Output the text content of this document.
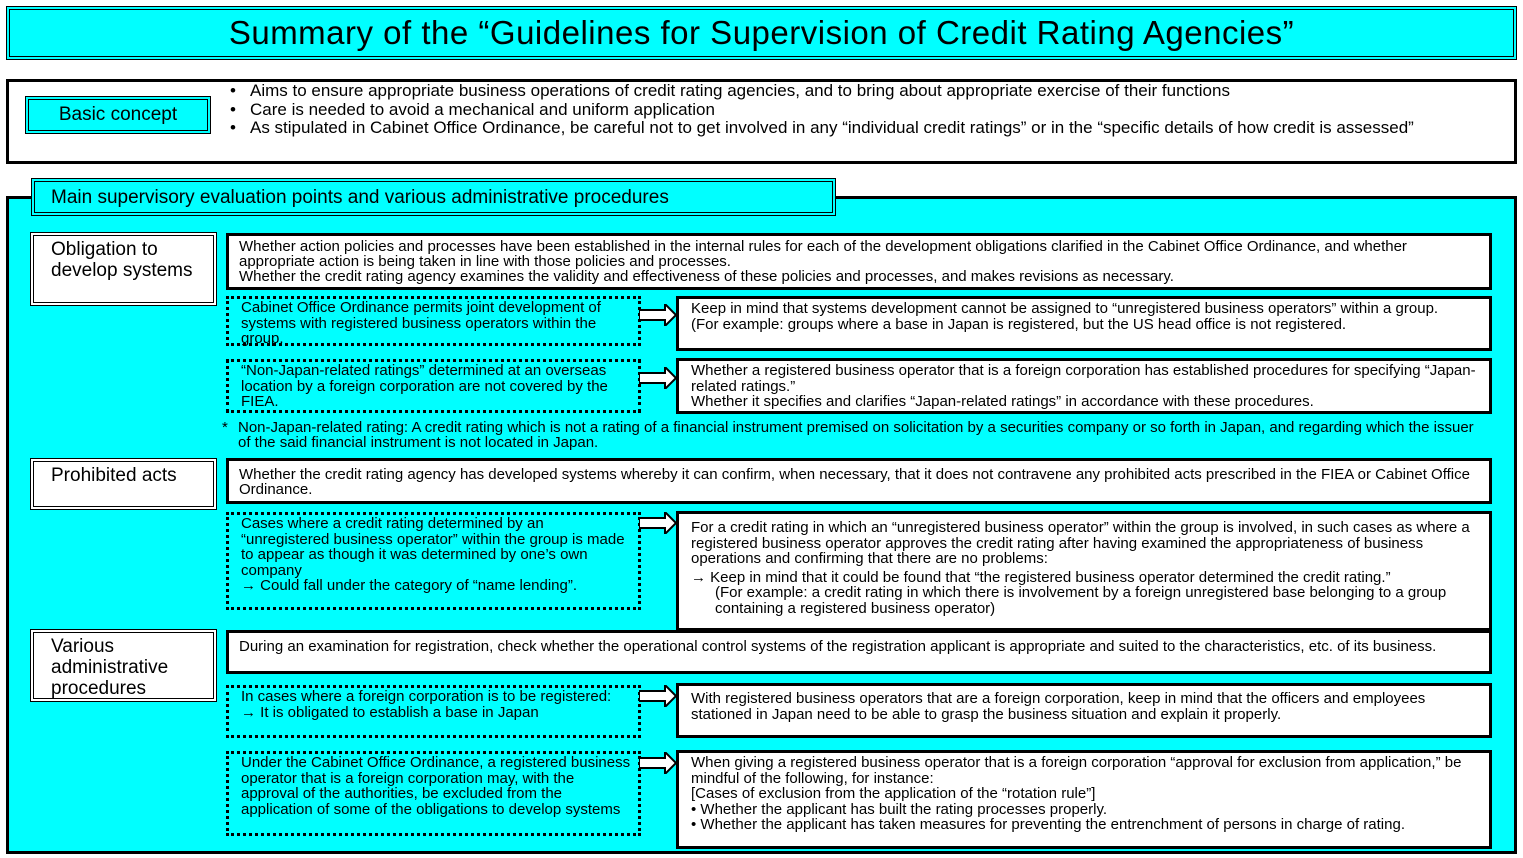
Summary of the “Guidelines for Supervision of Credit Rating Agencies”
Basic concept
• Aims to ensure appropriate business operations of credit rating agencies, and to bring about appropriate exercise of their functions
• Care is needed to avoid a mechanical and uniform application
• As stipulated in Cabinet Office Ordinance, be careful not to get involved in any “individual credit ratings” or in the “specific details of how credit is assessed”
Main supervisory evaluation points and various administrative procedures
Obligation to develop systems

Whether action policies and processes have been established in the internal rules for each of the development obligations clarified in the Cabinet Office Ordinance, and whether appropriate action is being taken in line with those policies and processes.

Whether the credit rating agency examines the validity and effectiveness of these policies and processes, and makes revisions as necessary.

Cabinet Office Ordinance permits joint development of systems with registered business operators within the group.

Keep in mind that systems development cannot be assigned to “unregistered business operators” within a group.

(For example: groups where a base in Japan is registered, but the US head office is not registered.

“Non-Japan-related ratings” determined at an overseas location by a foreign corporation are not covered by the FIEA.

Whether a registered business operator that is a foreign corporation has established procedures for specifying “Japan-related ratings.”

Whether it specifies and clarifies “Japan-related ratings” in accordance with these procedures.

* Non-Japan-related rating: A credit rating which is not a rating of a financial instrument premised on solicitation by a securities company or so forth in Japan, and regarding which the issuer of the said financial instrument is not located in Japan.
Prohibited acts	Whether the credit rating agency has developed systems whereby it can confirm, when necessary, that it does not contravene any prohibited acts prescribed in the FIEA or Cabinet Office Ordinance.

Cases where a credit rating determined by an “unregistered business operator” within the group is made to appear as though it was determined by one’s own company

→ Could fall under the category of “name lending”.

For a credit rating in which an “unregistered business operator” within the group is involved, in such cases as where a registered business operator approves the credit rating after having examined the appropriateness of business operations and confirming that there are no problems:

→ Keep in mind that it could be found that “the registered business operator determined the credit rating.”

(For example: a credit rating in which there is involvement by a foreign unregistered base belonging to a group containing a registered business operator)

Various administrative procedures
During an examination for registration, check whether the operational control systems of the registration applicant is appropriate and suited to the characteristics, etc. of its business.

In cases where a foreign corporation is to be registered:

→ It is obligated to establish a base in Japan

With registered business operators that are a foreign corporation, keep in mind that the officers and employees stationed in Japan need to be able to grasp the business situation and explain it properly.
Under the Cabinet Office Ordinance, a registered business operator that is a foreign corporation may, with the approval of the authorities, be excluded from the application of some of the obligations to develop systems

When giving a registered business operator that is a foreign corporation “approval for exclusion from application,” be mindful of the following, for instance:

[Cases of exclusion from the application of the “rotation rule”]

• Whether the applicant has built the rating processes properly.

• Whether the applicant has taken measures for preventing the entrenchment of persons in charge of rating.
